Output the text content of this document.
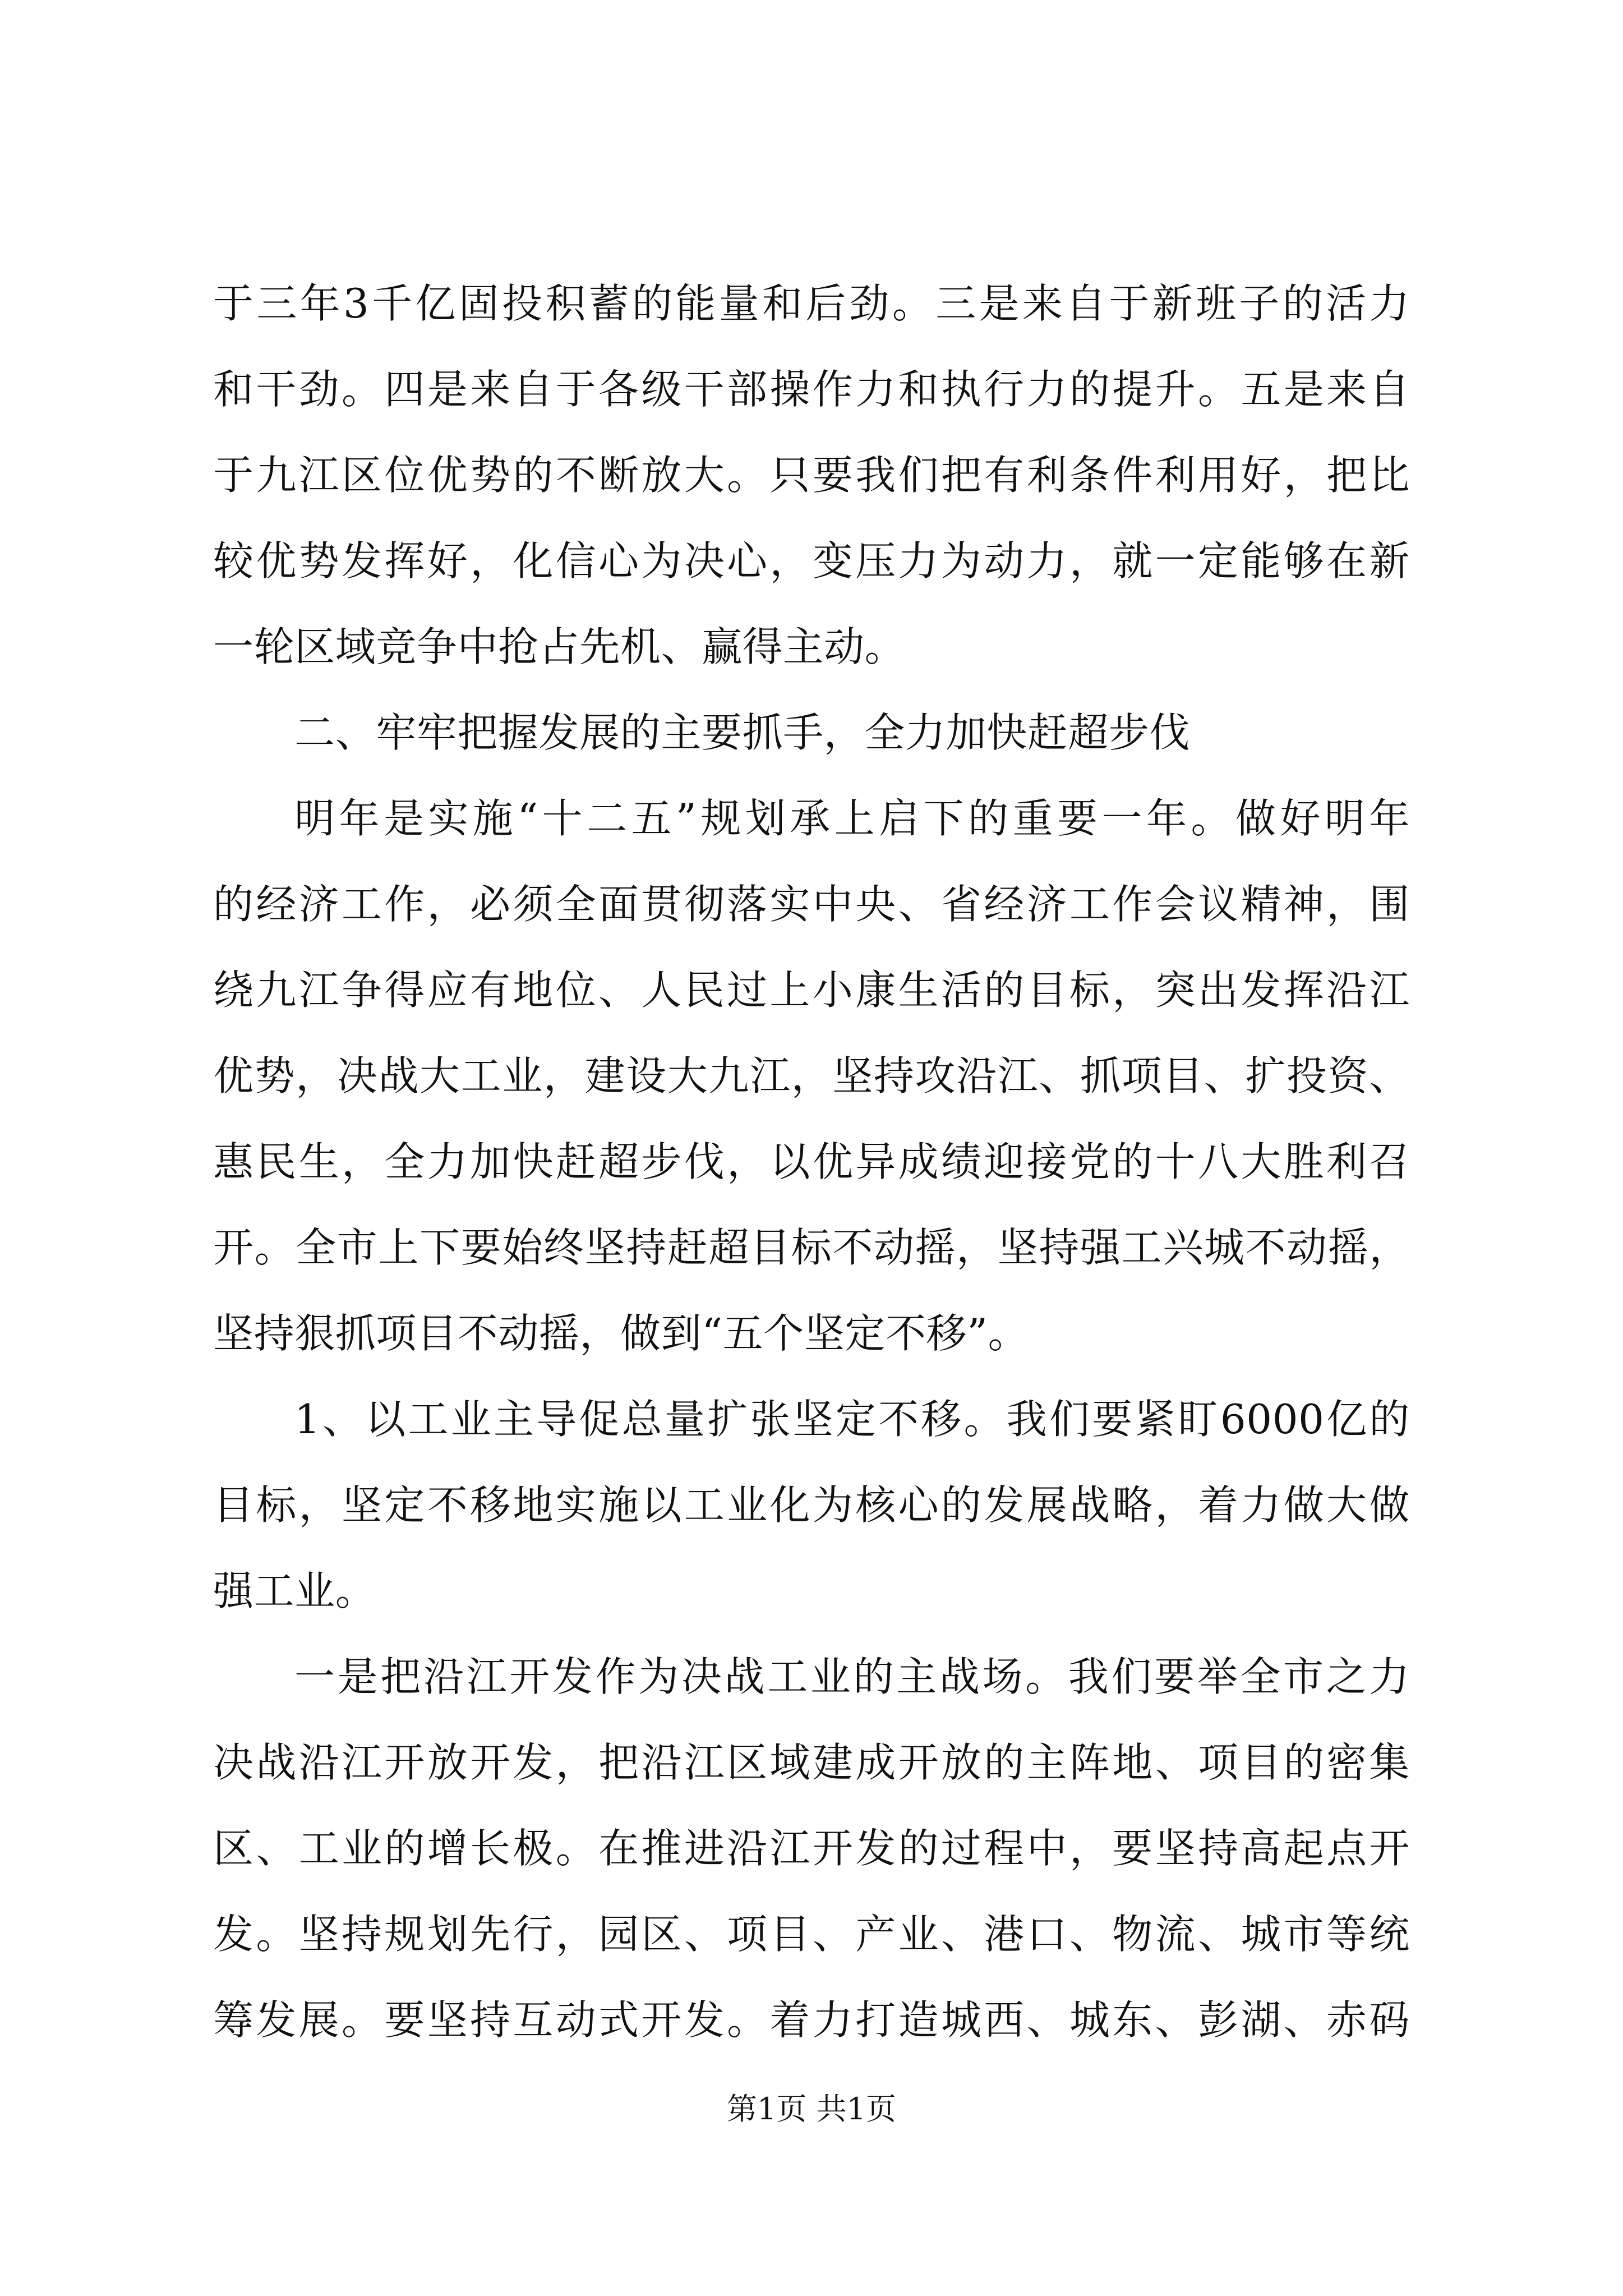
于三年3千亿固投积蓄的能量和后劲。三是来自于新班子的活力
和干劲。四是来自于各级干部操作力和执行力的提升。五是来自
于九江区位优势的不断放大。只要我们把有利条件利用好，把比
较优势发挥好，化信心为决心，变压力为动力，就一定能够在新
一轮区域竞争中抢占先机、赢得主动。
二、牢牢把握发展的主要抓手，全力加快赶超步伐
明年是实施“十二五”规划承上启下的重要一年。做好明年
的经济工作，必须全面贯彻落实中央、省经济工作会议精神，围
绕九江争得应有地位、人民过上小康生活的目标，突出发挥沿江
优势，决战大工业，建设大九江，坚持攻沿江、抓项目、扩投资、
惠民生，全力加快赶超步伐，以优异成绩迎接党的十八大胜利召
开。全市上下要始终坚持赶超目标不动摇，坚持强工兴城不动摇，
坚持狠抓项目不动摇，做到“五个坚定不移”。
1、以工业主导促总量扩张坚定不移。我们要紧盯6000亿的
目标，坚定不移地实施以工业化为核心的发展战略，着力做大做
强工业。
一是把沿江开发作为决战工业的主战场。我们要举全市之力
决战沿江开放开发，把沿江区域建成开放的主阵地、项目的密集
区、工业的增长极。在推进沿江开发的过程中，要坚持高起点开
发。坚持规划先行，园区、项目、产业、港口、物流、城市等统
筹发展。要坚持互动式开发。着力打造城西、城东、彭湖、赤码
第1页 共1页
